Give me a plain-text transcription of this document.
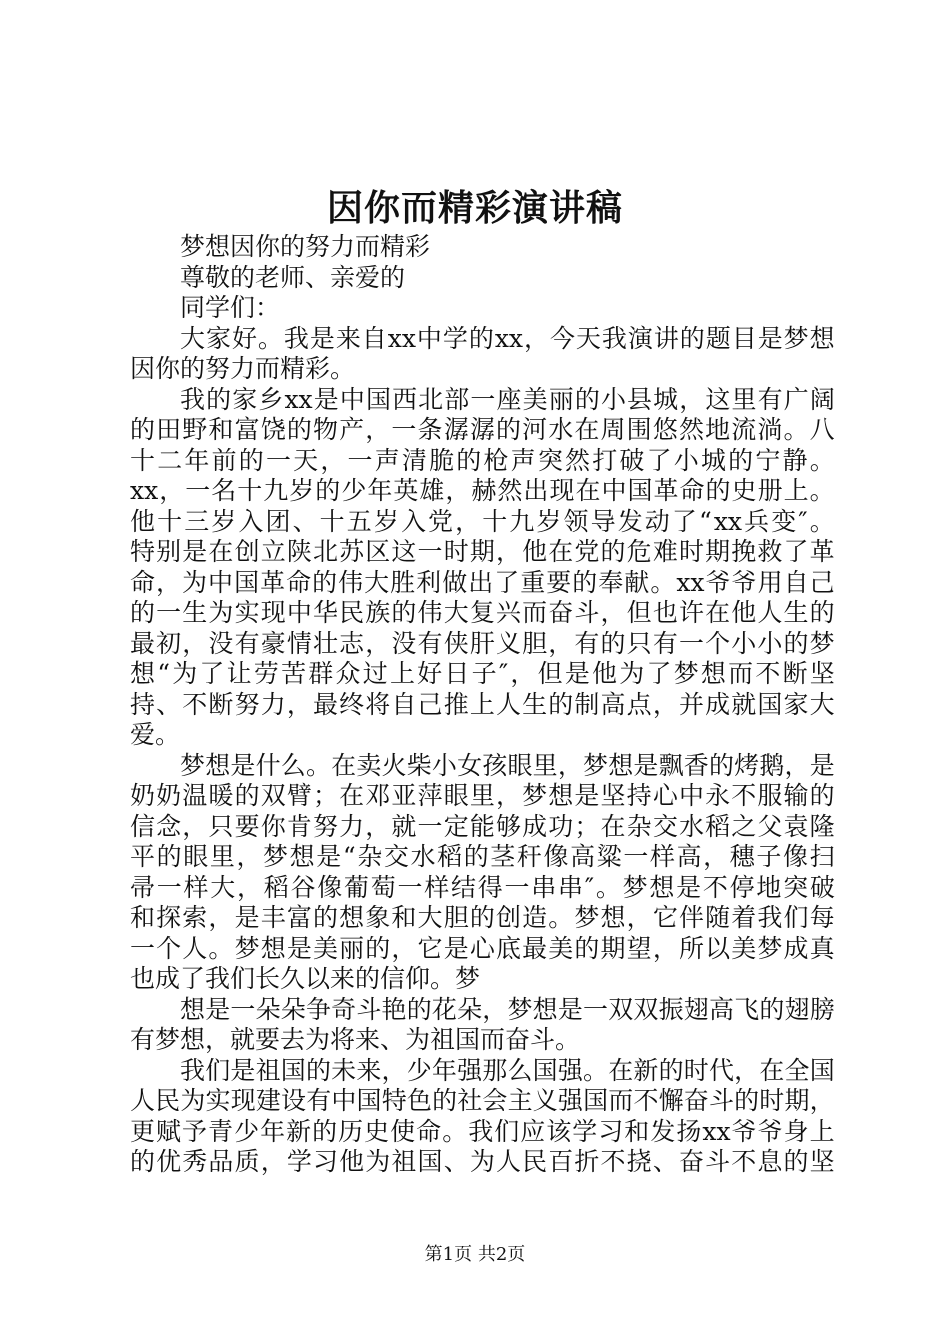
因你而精彩演讲稿
梦想因你的努力而精彩
尊敬的老师、亲爱的
同学们：
大 家 好 。 我 是 来 自 xx 中 学 的 xx ， 今 天 我 演 讲 的 题 目 是 梦 想
因你的努力而精彩。
我 的 家 乡 xx 是 中 国 西 北 部 一 座 美 丽 的 小 县 城 ， 这 里 有 广 阔
的 田 野 和 富 饶 的 物 产 ， 一 条 潺 潺 的 河 水 在 周 围 悠 然 地 流 淌 。 八
十 二 年 前 的 一 天 ， 一 声 清 脆 的 枪 声 突 然 打 破 了 小 城 的 宁 静 。
xx ， 一 名 十 九 岁 的 少 年 英 雄 ， 赫 然 出 现 在 中 国 革 命 的 史 册 上 。
他 十 三 岁 入 团 、 十 五 岁 入 党 ， 十 九 岁 领 导 发 动 了 “ xx 兵 变 ″ 。
特 别 是 在 创 立 陕 北 苏 区 这 一 时 期 ， 他 在 党 的 危 难 时 期 挽 救 了 革
命 ， 为 中 国 革 命 的 伟 大 胜 利 做 出 了 重 要 的 奉 献 。 xx 爷 爷 用 自 己
的 一 生 为 实 现 中 华 民 族 的 伟 大 复 兴 而 奋 斗 ， 但 也 许 在 他 人 生 的
最 初 ， 没 有 豪 情 壮 志 ， 没 有 侠 肝 义 胆 ， 有 的 只 有 一 个 小 小 的 梦
想 “ 为 了 让 劳 苦 群 众 过 上 好 日 子 ″ ， 但 是 他 为 了 梦 想 而 不 断 坚
持 、 不 断 努 力 ， 最 终 将 自 己 推 上 人 生 的 制 高 点 ， 并 成 就 国 家 大
爱。
梦 想 是 什 么 。 在 卖 火 柴 小 女 孩 眼 里 ， 梦 想 是 飘 香 的 烤 鹅 ， 是
奶 奶 温 暖 的 双 臂 ； 在 邓 亚 萍 眼 里 ， 梦 想 是 坚 持 心 中 永 不 服 输 的
信 念 ， 只 要 你 肯 努 力 ， 就 一 定 能 够 成 功 ； 在 杂 交 水 稻 之 父 袁 隆
平 的 眼 里 ， 梦 想 是 “ 杂 交 水 稻 的 茎 秆 像 高 粱 一 样 高 ， 穗 子 像 扫
帚 一 样 大 ， 稻 谷 像 葡 萄 一 样 结 得 一 串 串 ″ 。 梦 想 是 不 停 地 突 破
和 探 索 ， 是 丰 富 的 想 象 和 大 胆 的 创 造 。 梦 想 ， 它 伴 随 着 我 们 每
一 个 人 。 梦 想 是 美 丽 的 ， 它 是 心 底 最 美 的 期 望 ， 所 以 美 梦 成 真
也成了我们长久以来的信仰。梦
想 是 一 朵 朵 争 奇 斗 艳 的 花 朵 ， 梦 想 是 一 双 双 振 翅 高 飞 的 翅 膀
有梦想，就要去为将来、为祖国而奋斗。
我 们 是 祖 国 的 未 来 ， 少 年 强 那 么 国 强 。 在 新 的 时 代 ， 在 全 国
人 民 为 实 现 建 设 有 中 国 特 色 的 社 会 主 义 强 国 而 不 懈 奋 斗 的 时 期 ，
更 赋 予 青 少 年 新 的 历 史 使 命 。 我 们 应 该 学 习 和 发 扬 xx 爷 爷 身 上
的 优 秀 品 质 ， 学 习 他 为 祖 国 、 为 人 民 百 折 不 挠 、 奋 斗 不 息 的 坚
第1页 共2页
